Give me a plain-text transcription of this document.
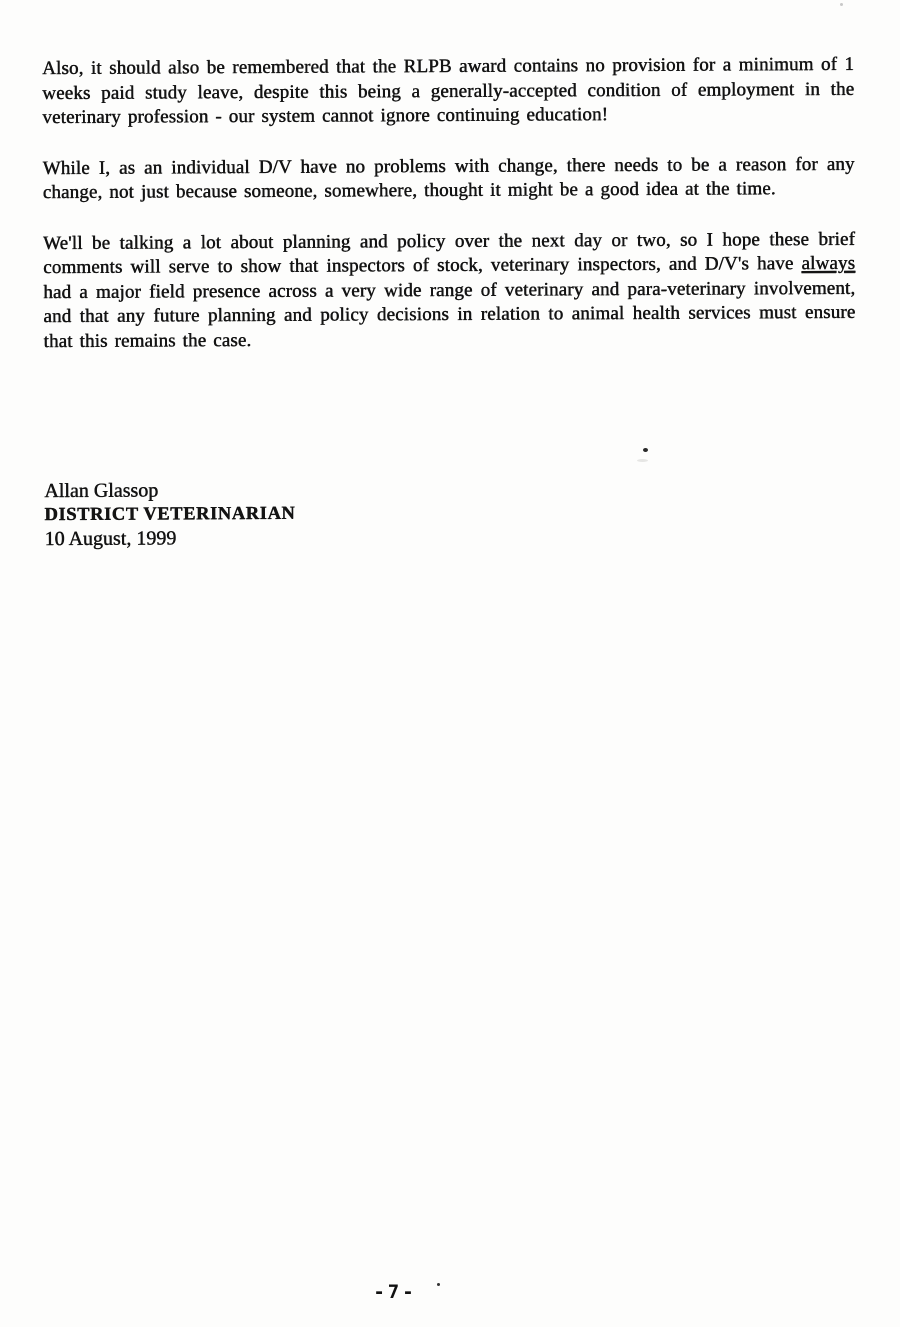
Also, it should also be remembered that the RLPB award contains no provision for a minimum of 1 weeks paid study leave, despite this being a generally-accepted condition of employment in the veterinary profession - our system cannot ignore continuing education!

While I, as an individual D/V have no problems with change, there needs to be a reason for any change, not just because someone, somewhere, thought it might be a good idea at the time.

We'll be talking a lot about planning and policy over the next day or two, so I hope these brief comments will serve to show that inspectors of stock, veterinary inspectors, and D/V's have always had a major field presence across a very wide range of veterinary and para-veterinary involvement, and that any future planning and policy decisions in relation to animal health services must ensure that this remains the case.

Allan Glassop
DISTRICT VETERINARIAN
10 August, 1999
-7-
